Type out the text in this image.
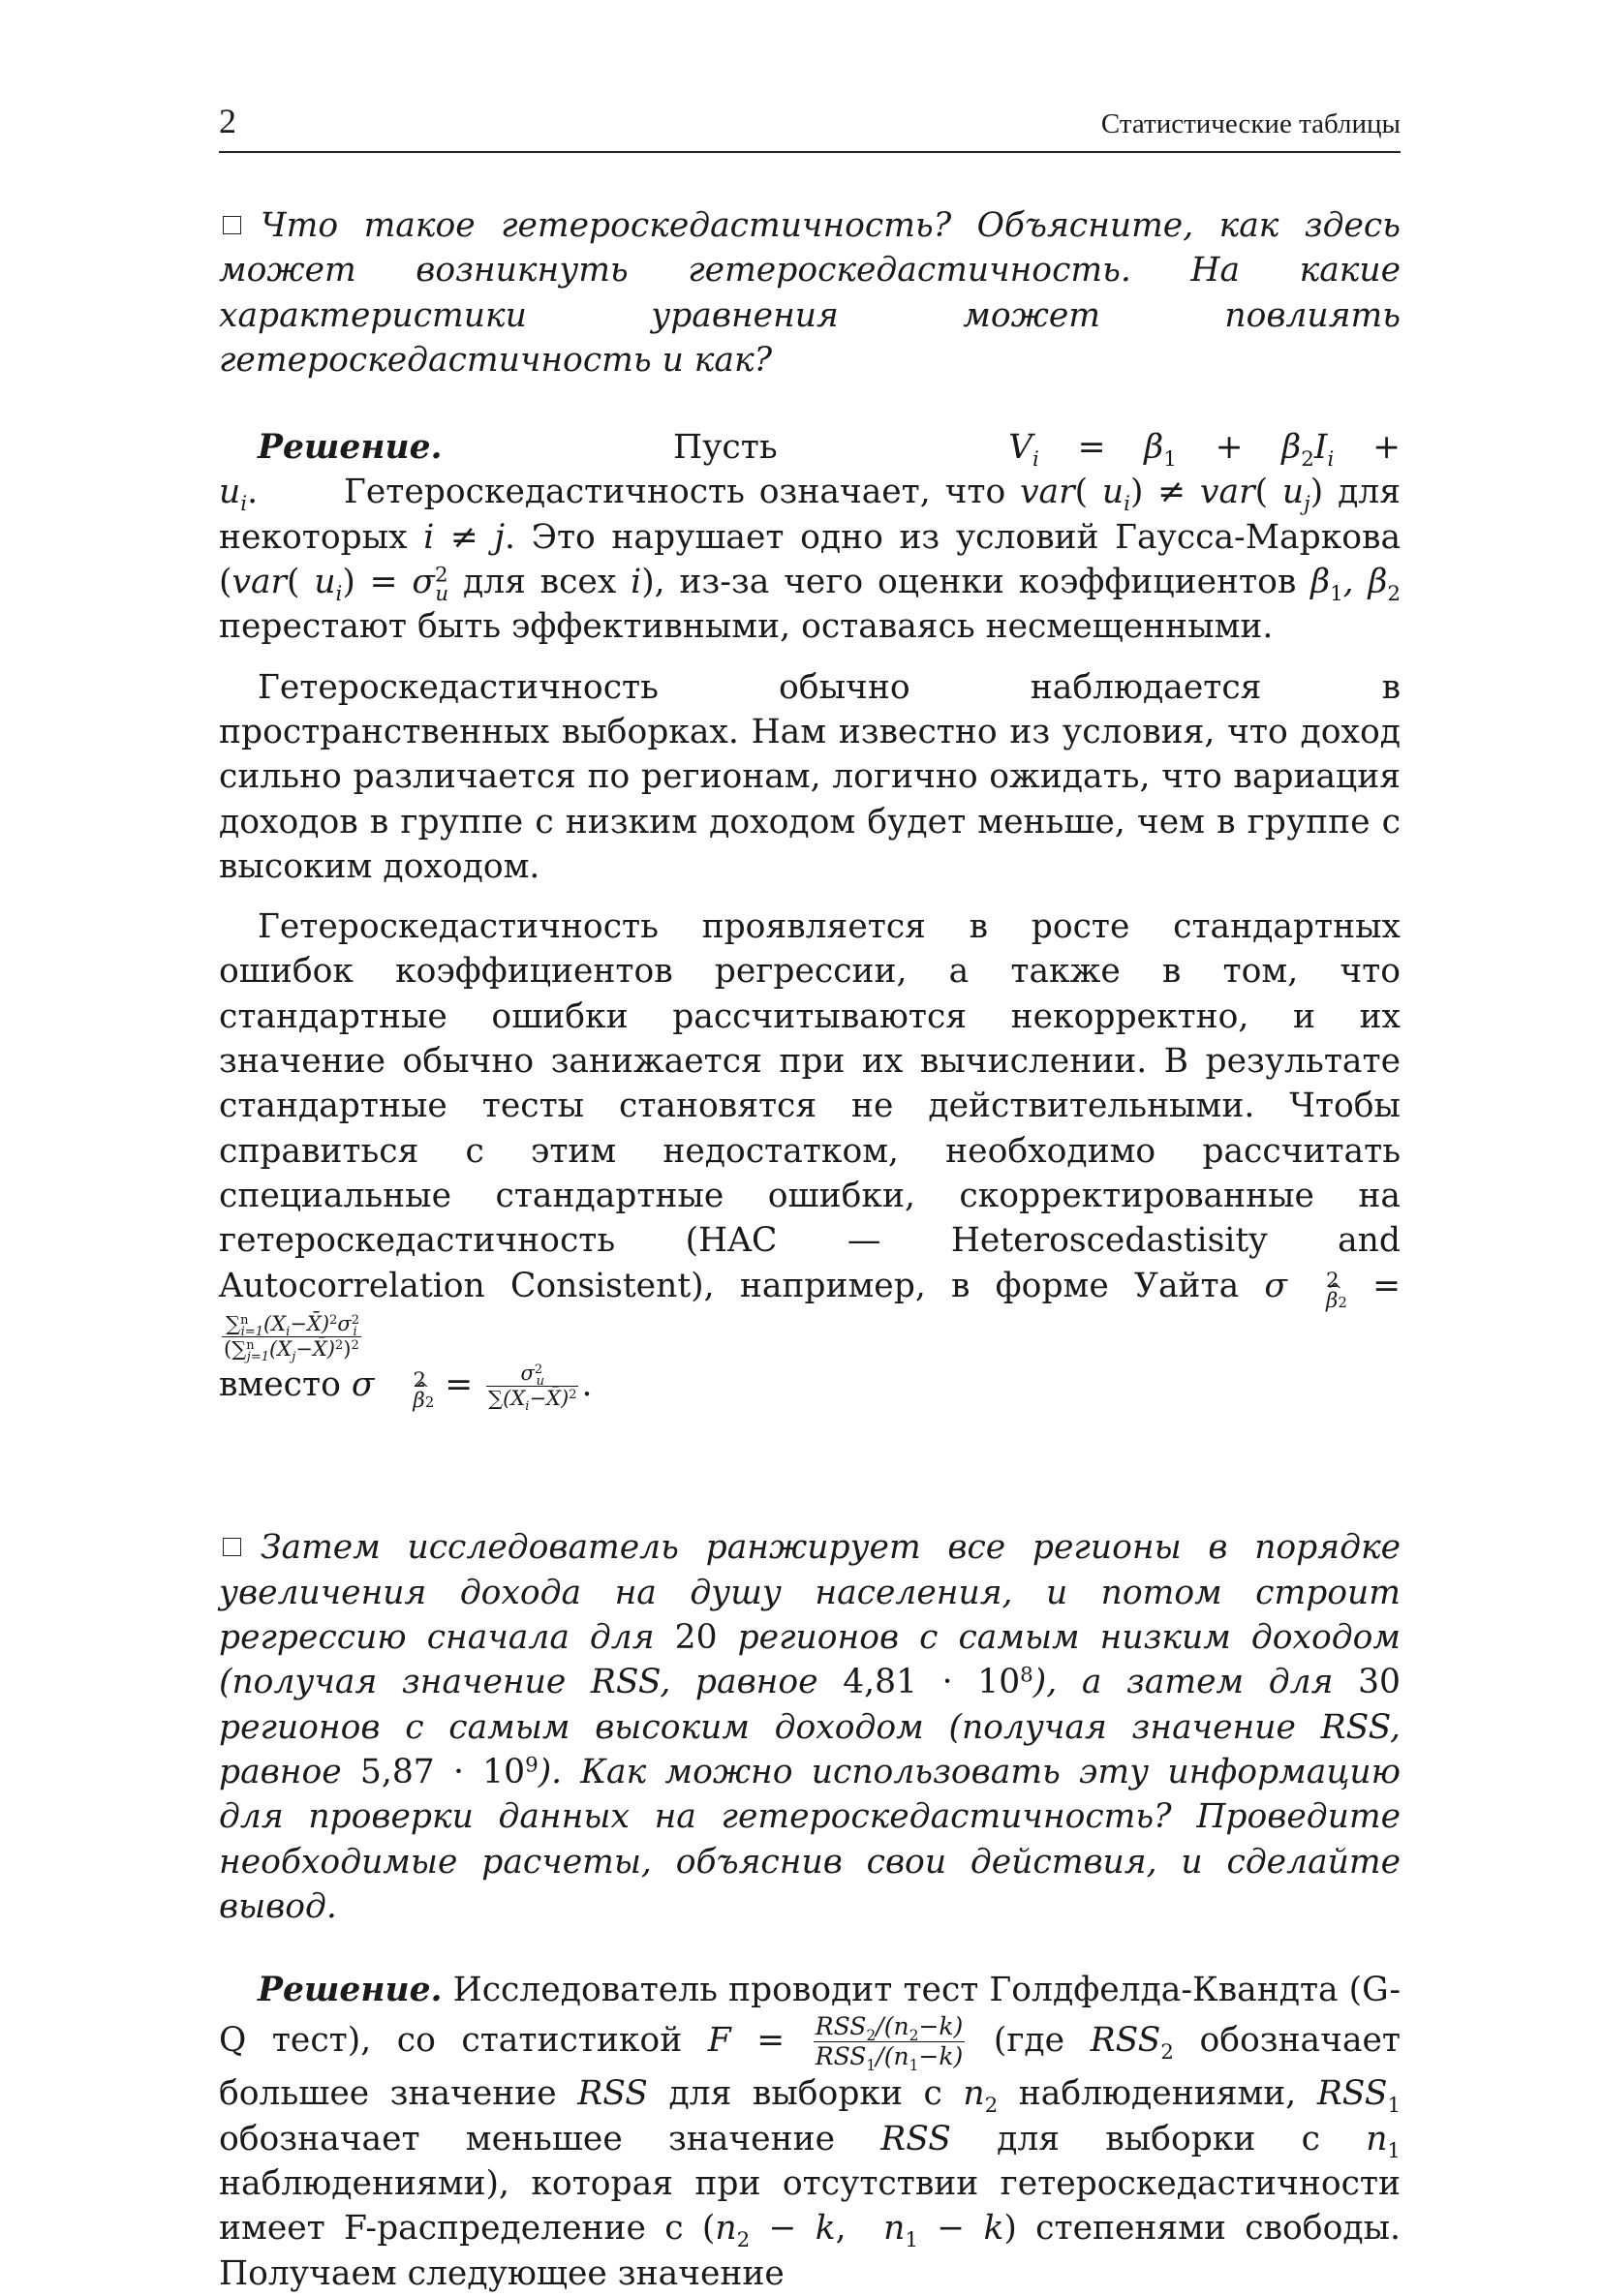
2	Статистические таблицы

Что такое гетероскедастичность? Объясните, как здесь может возникнуть гетероскедастичность. На какие характеристики уравнения может повлиять гетероскедастичность и как?

Решение.	Пусть	$V_i = \beta_1 + \beta_2I_i + u_i$.      Гетероскедастичность означает, что var( $u_i) \ne var$( $u_j$) для некоторых i ≠ j. Это нарушает одно из условий Гаусса-Маркова (var( $u_i) = \sigma^2_u$ для всех i), из-за чего оценки коэффициентов $\beta_1$, $\beta_2$ перестают быть эффективными, оставаясь несмещенными.

Гетероскедастичность обычно наблюдается в пространственных выборках. Нам известно из условия, что доход сильно различается по регионам, логично ожидать, что вариация доходов в группе с низким доходом будет меньше, чем в группе с высоким доходом.

Гетероскедастичность проявляется в росте стандартных ошибок коэффициентов регрессии, а также в том, что стандартные ошибки рассчитываются некорректно, и их значение обычно занижается при их вычислении. В результате стандартные тесты становятся не действительными. Чтобы справиться с этим недостатком, необходимо рассчитать специальные стандартные ошибки, скорректированные на гетероскедастичность (HAC — Heteroscedastisity and Autocorrelation Consistent), например, в форме Уайта σ 2
^ β2 =
$\frac{\sum^n_{i=1}(X_i-X̄)^2\sigma^2_i}{(\sum^n_{j=1}(X_j-X̄)^2)^2}$

вместо σ 2
^ $\beta 2 = \frac{\sigma^2_u}{\sum(X_i-X̄)^2}$ .

Затем исследователь ранжирует все регионы в порядке увеличения дохода на душу населения, и потом строит регрессию сначала для 20 регионов с самым низким доходом (получая значение RSS, равное $4,81 \cdot 10^8$), а затем для 30 регионов с самым высоким доходом (получая значение RSS, равное $5,87 \cdot 10^9$). Как можно использовать эту информацию для проверки данных на гетероскедастичность? Проведите необходимые расчеты, объяснив свои действия, и сделайте вывод.

Решение. Исследователь проводит тест Голдфелда-Квандта (G-Q тест), со статистикой $F = \frac{RSS_2/(n_2-k)}{RSS_1/(n_1-k)} (где$ $RSS_2$ обозначает большее значение RSS для выборки с $n_2$ наблюдениями, $RSS_1$ обозначает меньшее значение RSS для выборки с $n_1$ наблюдениями), которая при отсутствии гетероскедастичности имеет F-распределение с ($n_2 - k$,  $n_1 - k$) степенями свободы. Получаем следующее значение
